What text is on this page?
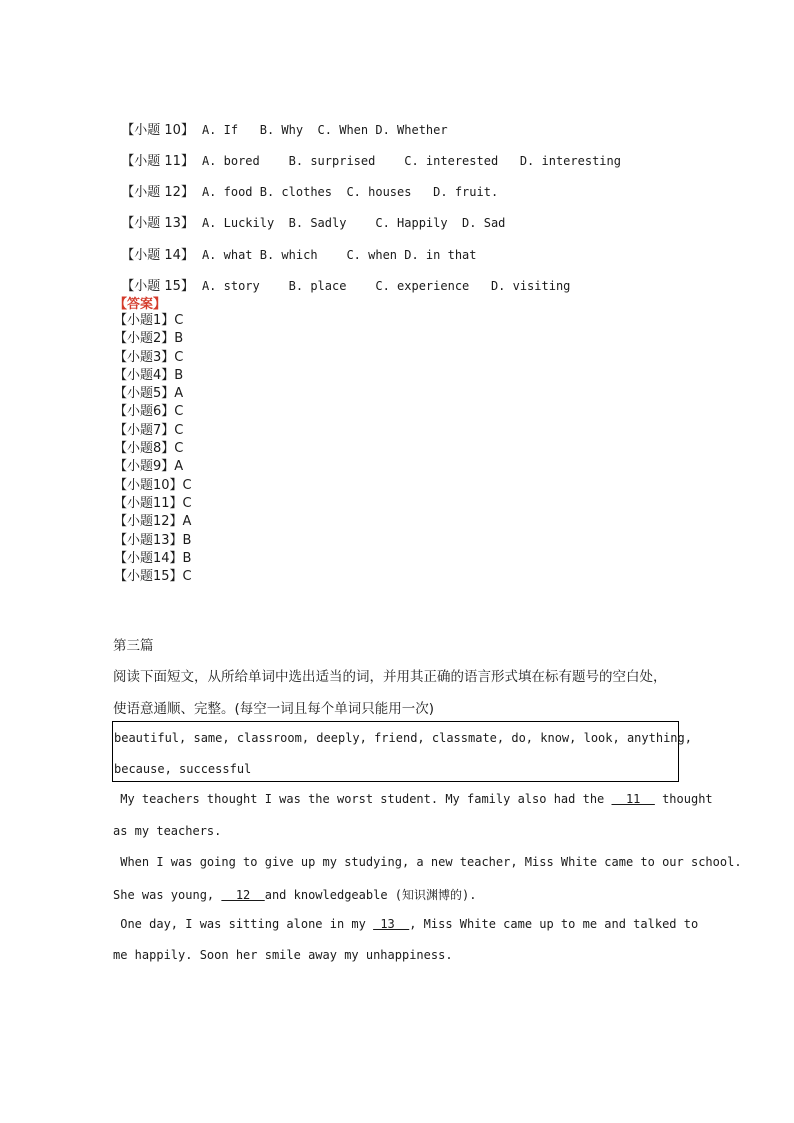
【小题 10】 A. If   B. Why  C. When D. Whether

【小题 11】 A. bored    B. surprised    C. interested   D. interesting

【小题 12】 A. food B. clothes  C. houses   D. fruit.

【小题 13】 A. Luckily  B. Sadly    C. Happily  D. Sad

【小题 14】 A. what B. which    C. when D. in that

【小题 15】 A. story    B. place    C. experience   D. visiting

【答案】
【小题1】C
【小题2】B
【小题3】C
【小题4】B
【小题5】A
【小题6】C
【小题7】C
【小题8】C
【小题9】A
【小题10】C
【小题11】C
【小题12】A
【小题13】B
【小题14】B
【小题15】C
第三篇
阅读下面短文，从所给单词中选出适当的词，并用其正确的语言形式填在标有题号的空白处，
使语意通顺、完整。(每空一词且每个单词只能用一次)
beautiful, same, classroom, deeply, friend, classmate, do, know, look, anything,
because, successful
My teachers thought I was the worst student. My family also had the   11   thought
as my teachers.
When I was going to give up my studying, a new teacher, Miss White came to our school.
She was young,   12  and knowledgeable (知识渊博的).
One day, I was sitting alone in my  13  , Miss White came up to me and talked to
me happily. Soon her smile away my unhappiness.
